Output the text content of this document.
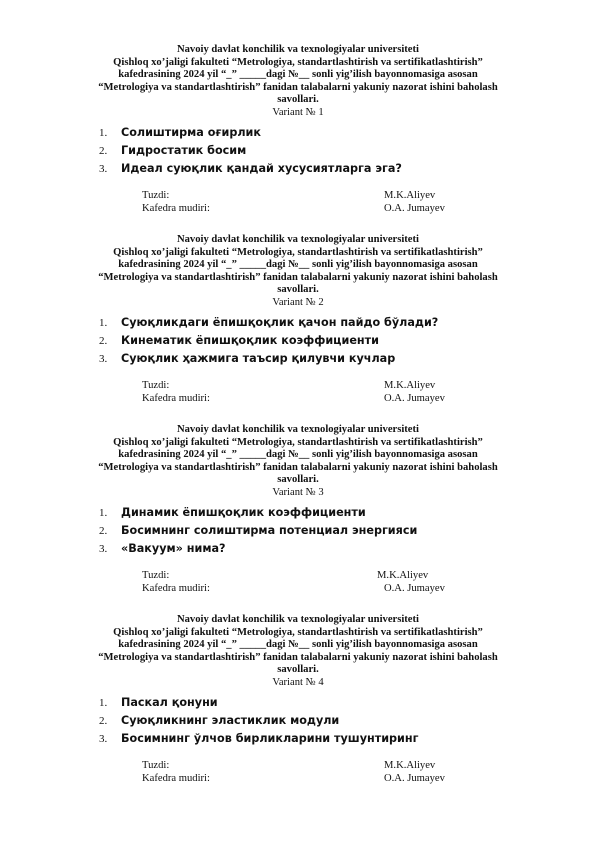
Navoiy davlat konchilik va texnologiyalar universiteti
Qishloq xo’jaligi fakulteti “Metrologiya, standartlashtirish va sertifikatlashtirish”
kafedrasining 2024 yil “_” _____dagi №__ sonli yig’ilish bayonnomasiga asosan
“Metrologiya va standartlashtirish” fanidan talabalarni yakuniy nazorat ishini baholash
savollari.
Variant № 1
1. Солиштирма оғирлик
2. Гидростатик босим
3. Идеал суюқлик қандай хусусиятларга эга?
Tuzdi:	M.K.Aliyev
Kafedra mudiri:	O.A. Jumayev
Navoiy davlat konchilik va texnologiyalar universiteti
Qishloq xo’jaligi fakulteti “Metrologiya, standartlashtirish va sertifikatlashtirish”
kafedrasining 2024 yil “_” _____dagi №__ sonli yig’ilish bayonnomasiga asosan
“Metrologiya va standartlashtirish” fanidan talabalarni yakuniy nazorat ishini baholash
savollari.
Variant № 2
1. Суюқликдаги ёпишқоқлик қачон пайдо бўлади?
2. Кинематик ёпишқоқлик коэффициенти
3. Суюқлик ҳажмига таъсир қилувчи кучлар
Tuzdi:	M.K.Aliyev
Kafedra mudiri:	O.A. Jumayev
Navoiy davlat konchilik va texnologiyalar universiteti
Qishloq xo’jaligi fakulteti “Metrologiya, standartlashtirish va sertifikatlashtirish”
kafedrasining 2024 yil “_” _____dagi №__ sonli yig’ilish bayonnomasiga asosan
“Metrologiya va standartlashtirish” fanidan talabalarni yakuniy nazorat ishini baholash
savollari.
Variant № 3
1. Динамик ёпишқоқлик коэффициенти
2. Босимнинг солиштирма потенциал энергияси
3. «Вакуум» нима?
Tuzdi:	M.K.Aliyev
Kafedra mudiri:	O.A. Jumayev
Navoiy davlat konchilik va texnologiyalar universiteti
Qishloq xo’jaligi fakulteti “Metrologiya, standartlashtirish va sertifikatlashtirish”
kafedrasining 2024 yil “_” _____dagi №__ sonli yig’ilish bayonnomasiga asosan
“Metrologiya va standartlashtirish” fanidan talabalarni yakuniy nazorat ishini baholash
savollari.
Variant № 4
1. Паскал қонуни
2. Суюқликнинг эластиклик модули
3. Босимнинг ўлчов бирликларини тушунтиринг
Tuzdi:	M.K.Aliyev
Kafedra mudiri:	O.A. Jumayev
